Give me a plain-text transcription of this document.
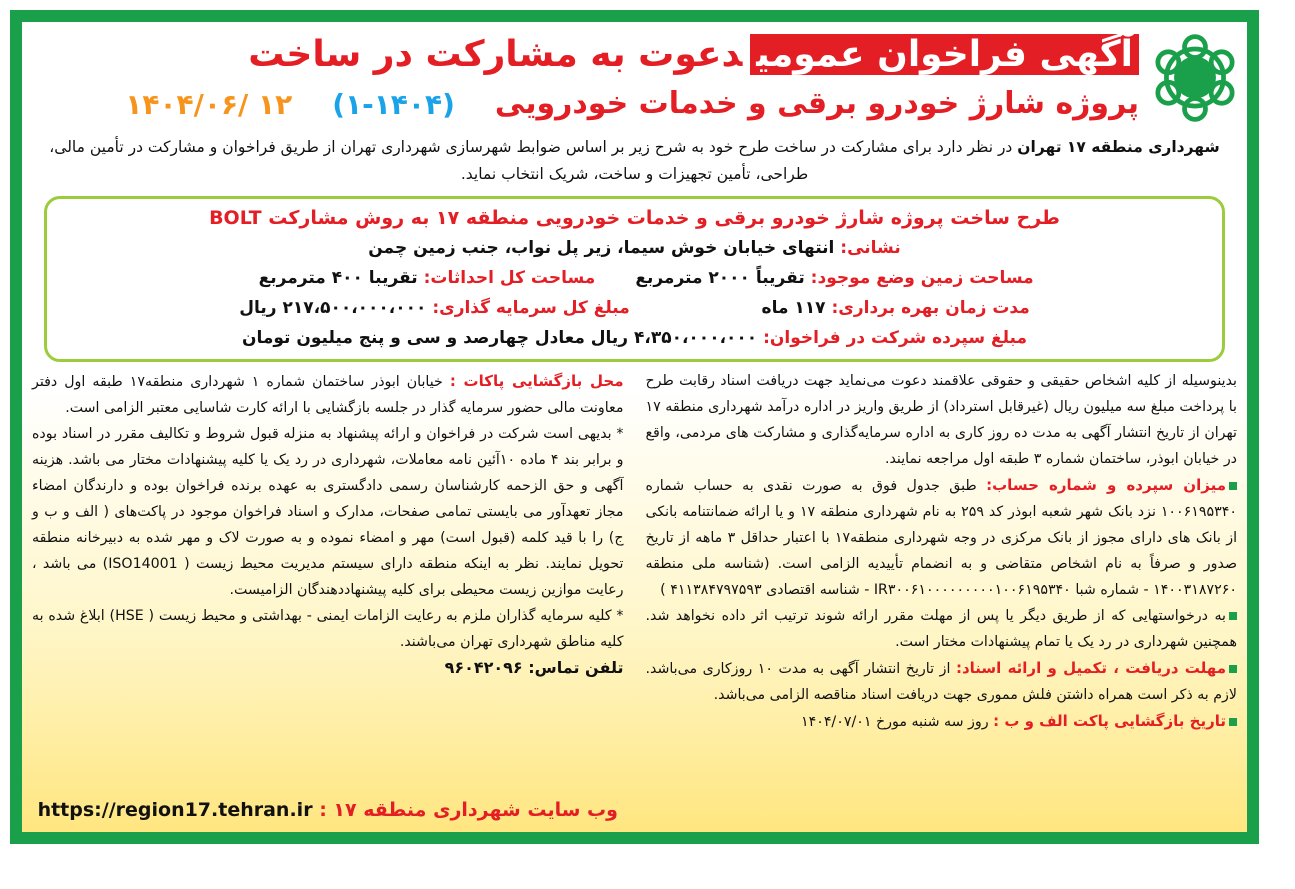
آگهی فراخوان عمومیدعوت به مشارکت در ساخت
پروژه شارژ خودرو برقی و خدمات خودرویی
(۱-۱۴۰۴)
۱۴۰۴/۰۶/ ۱۲
شهرداری منطقه ۱۷ تهران در نظر دارد برای مشارکت در ساخت طرح خود به شرح زیر بر اساس ضوابط شهرسازی شهرداری تهران از طریق فراخوان و مشارکت در تأمین مالی، طراحی، تأمین تجهیزات و ساخت، شریک انتخاب نماید.
طرح ساخت پروژه شارژ خودرو برقی و خدمات خودرویی منطقه ۱۷ به روش مشارکت BOLT
نشانی: انتهای خیابان خوش سیما، زیر پل نواب، جنب زمین چمن
مساحت زمین وضع موجود: تقریباً ۲۰۰۰ مترمربع
مساحت کل احداثات: تقریبا ۴۰۰ مترمربع
مدت زمان بهره برداری: ۱۱۷ ماه
مبلغ کل سرمایه گذاری: ۲۱۷،۵۰۰،۰۰۰،۰۰۰ ریال
مبلغ سپرده شرکت در فراخوان: ۴،۳۵۰،۰۰۰،۰۰۰ ریال معادل چهارصد و سی و پنج میلیون تومان

بدینوسیله از کلیه اشخاص حقیقی و حقوقی علاقمند دعوت می‌نماید جهت دریافت اسناد رقابت طرح با پرداخت مبلغ سه میلیون ریال (غیرقابل استرداد) از طریق واریز در اداره درآمد شهرداری منطقه ۱۷ تهران از تاریخ انتشار آگهی به مدت ده روز کاری به اداره سرمایه‌گذاری و مشارکت های مردمی، واقع در خیابان ابوذر، ساختمان شماره ۳ طبقه اول مراجعه نمایند.

میزان سپرده و شماره حساب: طبق جدول فوق به صورت نقدی به حساب شماره ۱۰۰۶۱۹۵۳۴۰ نزد بانک شهر شعبه ابوذر کد ۲۵۹ به نام شهرداری منطقه ۱۷ و یا ارائه ضمانتنامه بانکی از بانک های دارای مجوز از بانک مرکزی در وجه شهرداری منطقه۱۷ با اعتبار حداقل ۳ ماهه از تاریخ صدور و صرفاً به نام اشخاص متقاضی و به انضمام تأییدیه الزامی است. (شناسه ملی منطقه ۱۴۰۰۳۱۸۷۲۶۰ - شماره شبا IR۳۰۰۶۱۰۰۰۰۰۰۰۰۰۱۰۰۶۱۹۵۳۴۰ - شناسه اقتصادی ۴۱۱۳۸۴۷۹۷۵۹۳ )

به درخواستهایی که از طریق دیگر یا پس از مهلت مقرر ارائه شوند ترتیب اثر داده نخواهد شد. همچنین شهرداری در رد یک یا تمام پیشنهادات مختار است.

مهلت دریافت ، تکمیل و ارائه اسناد: از تاریخ انتشار آگهی به مدت ۱۰ روزکاری می‌باشد. لازم به ذکر است همراه داشتن فلش مموری جهت دریافت اسناد مناقصه الزامی می‌باشد.

تاریخ بازگشایی پاکت الف و ب : روز سه شنبه مورخ ۱۴۰۴/۰۷/۰۱

محل بازگشایی پاکات : خیابان ابوذر ساختمان شماره ۱ شهرداری منطقه۱۷ طبقه اول دفتر معاونت مالی حضور سرمایه گذار در جلسه بازگشایی با ارائه کارت شاسایی معتبر الزامی است.

* بدیهی است شرکت در فراخوان و ارائه پیشنهاد به منزله قبول شروط و تکالیف مقرر در اسناد بوده و برابر بند ۴ ماده ۱۰آئین نامه معاملات، شهرداری در رد یک یا کلیه پیشنهادات مختار می باشد. هزینه آگهی و حق الزحمه کارشناسان رسمی دادگستری به عهده برنده فراخوان بوده و دارندگان امضاء مجاز تعهدآور می بایستی تمامی صفحات، مدارک و اسناد فراخوان موجود در پاکت‌های ( الف و ب و ج) را با قید کلمه (قبول است) مهر و امضاء نموده و به صورت لاک و مهر شده به دبیرخانه منطقه تحویل نمایند. نظر به اینکه منطقه دارای سیستم مدیریت محیط زیست ( ISO14001) می باشد ، رعایت موازین زیست محیطی برای کلیه پیشنهاددهندگان الزامیست.

* کلیه سرمایه گذاران ملزم به رعایت الزامات ایمنی - بهداشتی و محیط زیست ( HSE) ابلاغ شده به کلیه مناطق شهرداری تهران می‌باشند.

تلفن تماس: ۹۶۰۴۲۰۹۶

وب سایت شهرداری منطقه ۱۷ : https://region17.tehran.ir
